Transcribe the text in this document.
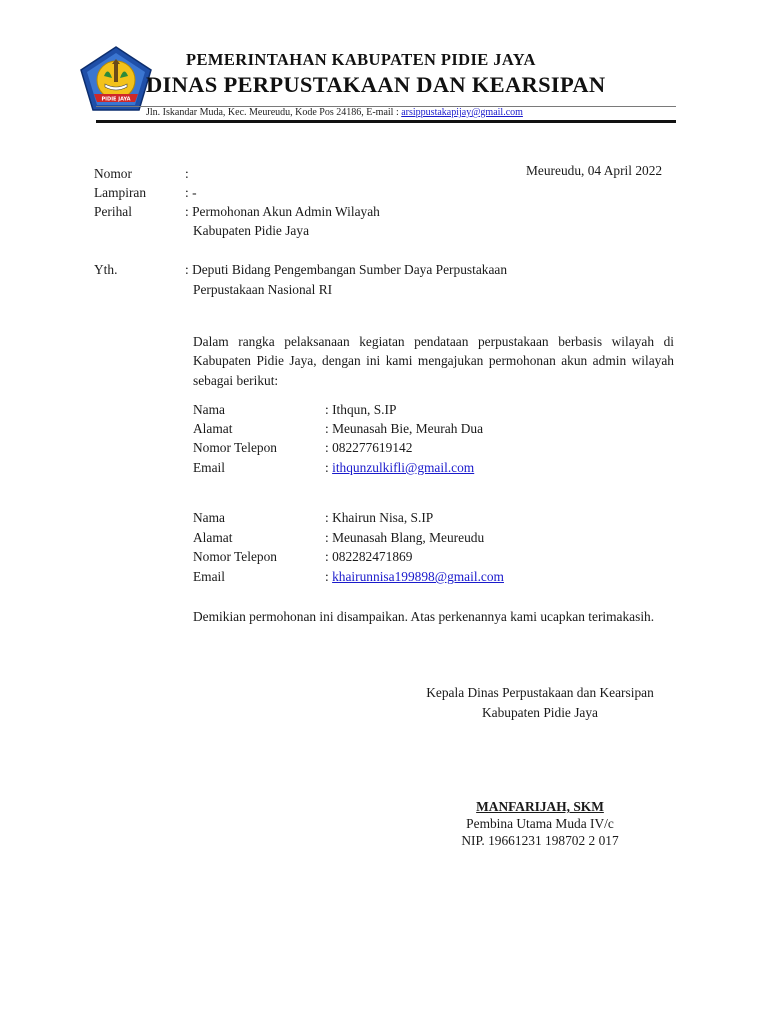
PIDIE JAYA
PEMERINTAHAN KABUPATEN PIDIE JAYA
DINAS PERPUSTAKAAN DAN KEARSIPAN
Jln. Iskandar Muda, Kec. Meureudu, Kode Pos 24186, E-mail : arsippustakapijay@gmail.com
Meureudu, 04 April 2022
Nomor	:
Lampiran	: -
Perihal	: Permohonan Akun Admin Wilayah
Kabupaten Pidie Jaya
Yth.	: Deputi Bidang Pengembangan Sumber Daya Perpustakaan
Perpustakaan Nasional RI
Dalam rangka pelaksanaan kegiatan pendataan perpustakaan berbasis wilayah di Kabupaten Pidie Jaya, dengan ini kami mengajukan permohonan akun admin wilayah sebagai berikut:
Nama	: Ithqun, S.IP
Alamat	: Meunasah Bie, Meurah Dua
Nomor Telepon	: 082277619142
Email	: ithqunzulkifli@gmail.com
Nama	: Khairun Nisa, S.IP
Alamat	: Meunasah Blang, Meureudu
Nomor Telepon	: 082282471869
Email	: khairunnisa199898@gmail.com
Demikian permohonan ini disampaikan. Atas perkenannya kami ucapkan terimakasih.
Kepala Dinas Perpustakaan dan Kearsipan
Kabupaten Pidie Jaya
MANFARIJAH, SKM
Pembina Utama Muda IV/c
NIP. 19661231 198702 2 017
